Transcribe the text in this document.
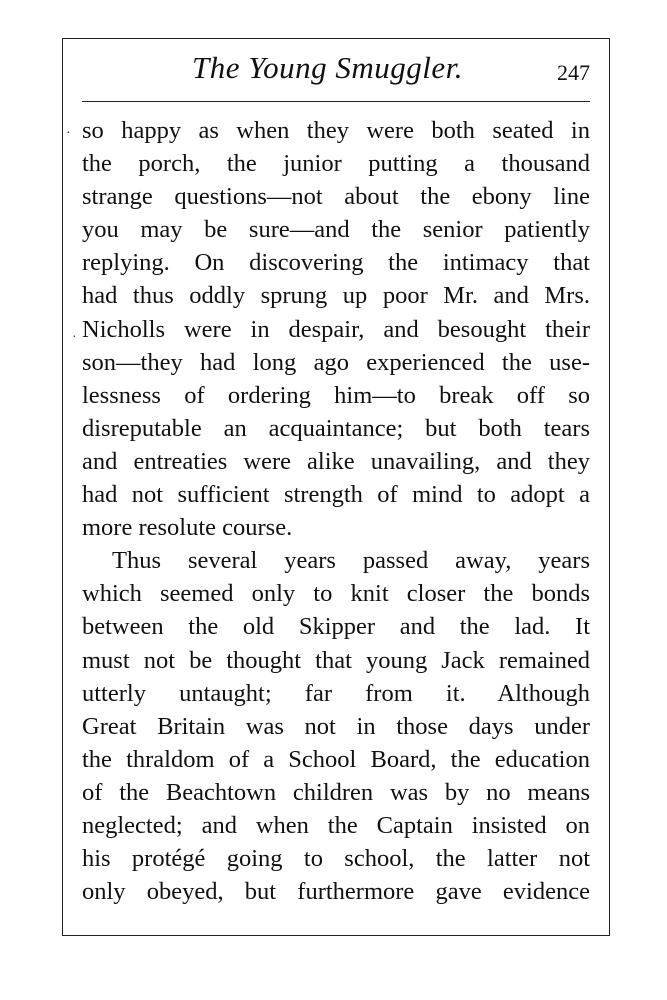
The Young Smuggler.	247
so happy as when they were both seated in
the porch, the junior putting a thousand
strange questions—not about the ebony line
you may be sure—and the senior patiently
replying. On discovering the intimacy that
had thus oddly sprung up poor Mr. and Mrs.
Nicholls were in despair, and besought their
son—they had long ago experienced the use-
lessness of ordering him—to break off so
disreputable an acquaintance; but both tears
and entreaties were alike unavailing, and they
had not sufficient strength of mind to adopt a
more resolute course.
Thus several years passed away, years
which seemed only to knit closer the bonds
between the old Skipper and the lad. It
must not be thought that young Jack remained
utterly untaught; far from it. Although
Great Britain was not in those days under
the thraldom of a School Board, the education
of the Beachtown children was by no means
neglected; and when the Captain insisted on
his protégé going to school, the latter not
only obeyed, but furthermore gave evidence
·
·
